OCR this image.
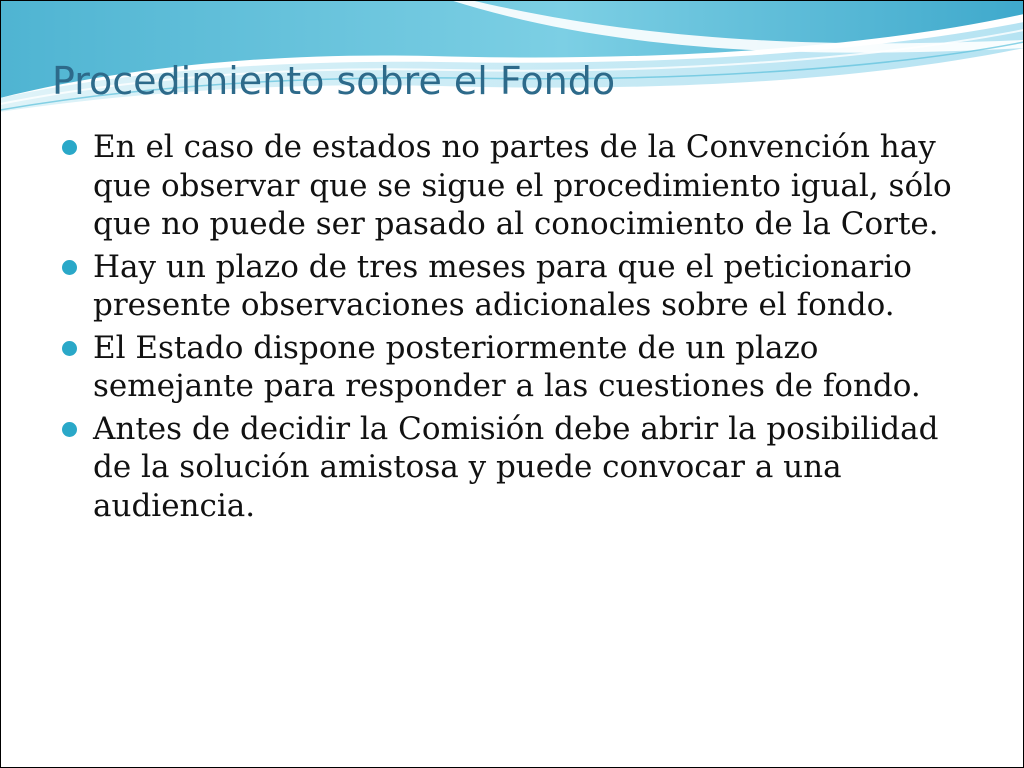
Procedimiento sobre el Fondo
En el caso de estados no partes de la Convención hay que observar que se sigue el procedimiento igual, sólo que no puede ser pasado al conocimiento de la Corte.
Hay un plazo de tres meses para que el peticionario presente observaciones adicionales sobre el fondo.
El Estado dispone posteriormente de un plazo semejante para responder a las cuestiones de fondo.
Antes de decidir la Comisión debe abrir la posibilidad de la solución amistosa y puede convocar a una audiencia.
